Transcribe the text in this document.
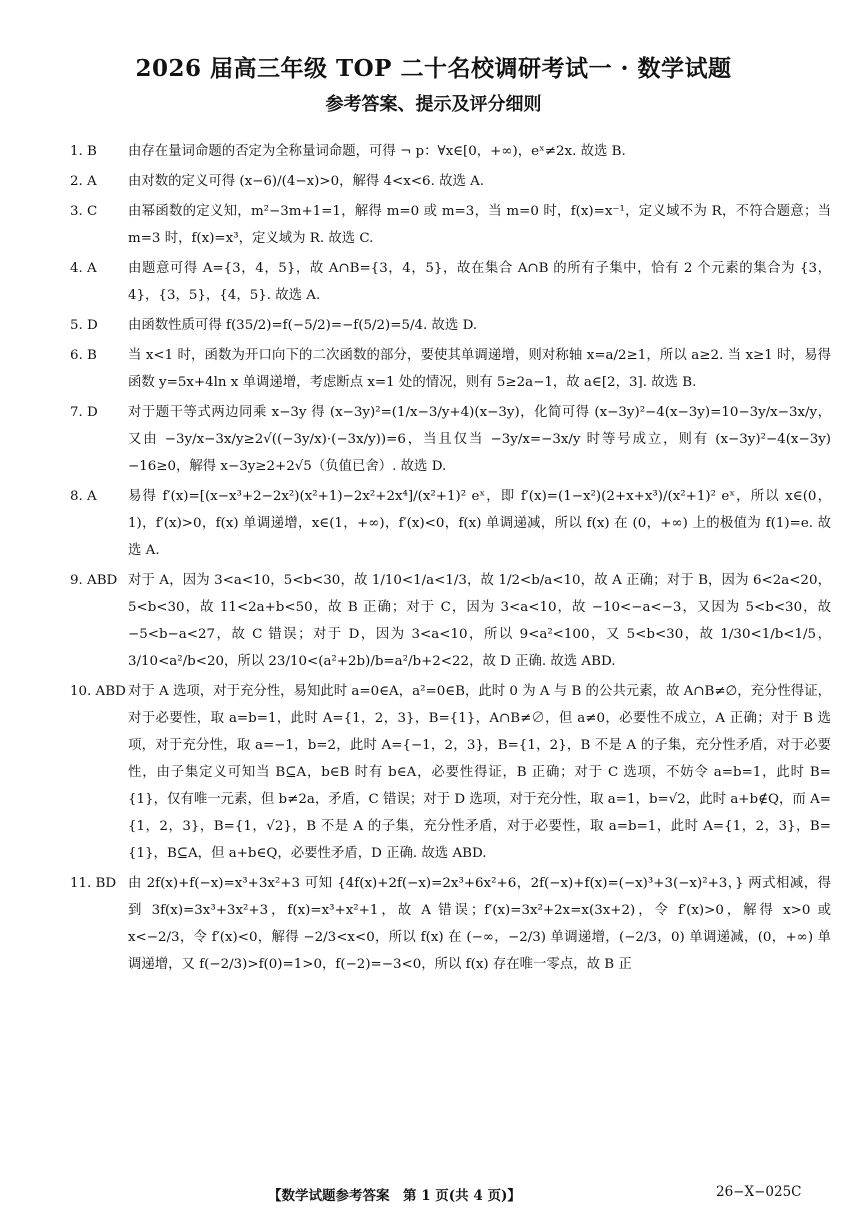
2026 届高三年级 TOP 二十名校调研考试一 · 数学试题
参考答案、提示及评分细则
1. B	由存在量词命题的否定为全称量词命题，可得 ¬ p：∀x∈[0，+∞)，eˣ≠2x. 故选 B.
2. A	由对数的定义可得 (x−6)/(4−x)>0，解得 4<x<6. 故选 A.
3. C	由幂函数的定义知，m²−3m+1=1，解得 m=0 或 m=3，当 m=0 时，f(x)=x⁻¹，定义域不为 R，不符合题意；当 m=3 时，f(x)=x³，定义域为 R. 故选 C.
4. A	由题意可得 A={3，4，5}，故 A∩B={3，4，5}，故在集合 A∩B 的所有子集中，恰有 2 个元素的集合为 {3，4}，{3，5}，{4，5}. 故选 A.
5. D	由函数性质可得 f(35/2)=f(−5/2)=−f(5/2)=5/4. 故选 D.
6. B	当 x<1 时，函数为开口向下的二次函数的部分，要使其单调递增，则对称轴 x=a/2≥1，所以 a≥2. 当 x≥1 时，易得函数 y=5x+4ln x 单调递增，考虑断点 x=1 处的情况，则有 5≥2a−1，故 a∈[2，3]. 故选 B.
7. D	对于题干等式两边同乘 x−3y 得 (x−3y)²=(1/x−3/y+4)(x−3y)，化简可得 (x−3y)²−4(x−3y)=10−3y/x−3x/y，又由 −3y/x−3x/y≥2√((−3y/x)·(−3x/y))=6，当且仅当 −3y/x=−3x/y 时等号成立，则有 (x−3y)²−4(x−3y)−16≥0，解得 x−3y≥2+2√5（负值已舍）. 故选 D.
8. A	易得 f′(x)=[(x−x³+2−2x²)(x²+1)−2x²+2x⁴]/(x²+1)² eˣ，即 f′(x)=(1−x²)(2+x+x³)/(x²+1)² eˣ，所以 x∈(0，1)，f′(x)>0，f(x) 单调递增，x∈(1，+∞)，f′(x)<0，f(x) 单调递减，所以 f(x) 在 (0，+∞) 上的极值为 f(1)=e. 故选 A.
9. ABD 对于 A，因为 3<a<10，5<b<30，故 1/10<1/a<1/3，故 1/2<b/a<10，故 A 正确；对于 B，因为 6<2a<20，5<b<30，故 11<2a+b<50，故 B 正确；对于 C，因为 3<a<10，故 −10<−a<−3，又因为 5<b<30，故 −5<b−a<27，故 C 错误；对于 D，因为 3<a<10，所以 9<a²<100，又 5<b<30，故 1/30<1/b<1/5，3/10<a²/b<20，所以 23/10<(a²+2b)/b=a²/b+2<22，故 D 正确. 故选 ABD.
10. ABD 对于 A 选项，对于充分性，易知此时 a=0∈A，a²=0∈B，此时 0 为 A 与 B 的公共元素，故 A∩B≠∅，充分性得证，对于必要性，取 a=b=1，此时 A={1，2，3}，B={1}，A∩B≠∅，但 a≠0，必要性不成立，A 正确；对于 B 选项，对于充分性，取 a=−1，b=2，此时 A={−1，2，3}，B={1，2}，B 不是 A 的子集，充分性矛盾，对于必要性，由子集定义可知当 B⊆A，b∈B 时有 b∈A，必要性得证，B 正确；对于 C 选项，不妨令 a=b=1，此时 B={1}，仅有唯一元素，但 b≠2a，矛盾，C 错误；对于 D 选项，对于充分性，取 a=1，b=√2，此时 a+b∉Q，而 A={1，2，3}，B={1，√2}，B 不是 A 的子集，充分性矛盾，对于必要性，取 a=b=1，此时 A={1，2，3}，B={1}，B⊆A，但 a+b∈Q，必要性矛盾，D 正确. 故选 ABD.
11. BD 由 2f(x)+f(−x)=x³+3x²+3 可知 {4f(x)+2f(−x)=2x³+6x²+6，2f(−x)+f(x)=(−x)³+3(−x)²+3，} 两式相减，得到 3f(x)=3x³+3x²+3，f(x)=x³+x²+1，故 A 错误；f′(x)=3x²+2x=x(3x+2)，令 f′(x)>0，解得 x>0 或 x<−2/3，令 f′(x)<0，解得 −2/3<x<0，所以 f(x) 在 (−∞，−2/3) 单调递增，(−2/3，0) 单调递减，(0，+∞) 单调递增，又 f(−2/3)>f(0)=1>0，f(−2)=−3<0，所以 f(x) 存在唯一零点，故 B 正
【数学试题参考答案　第 1 页(共 4 页)】	26−X−025C
